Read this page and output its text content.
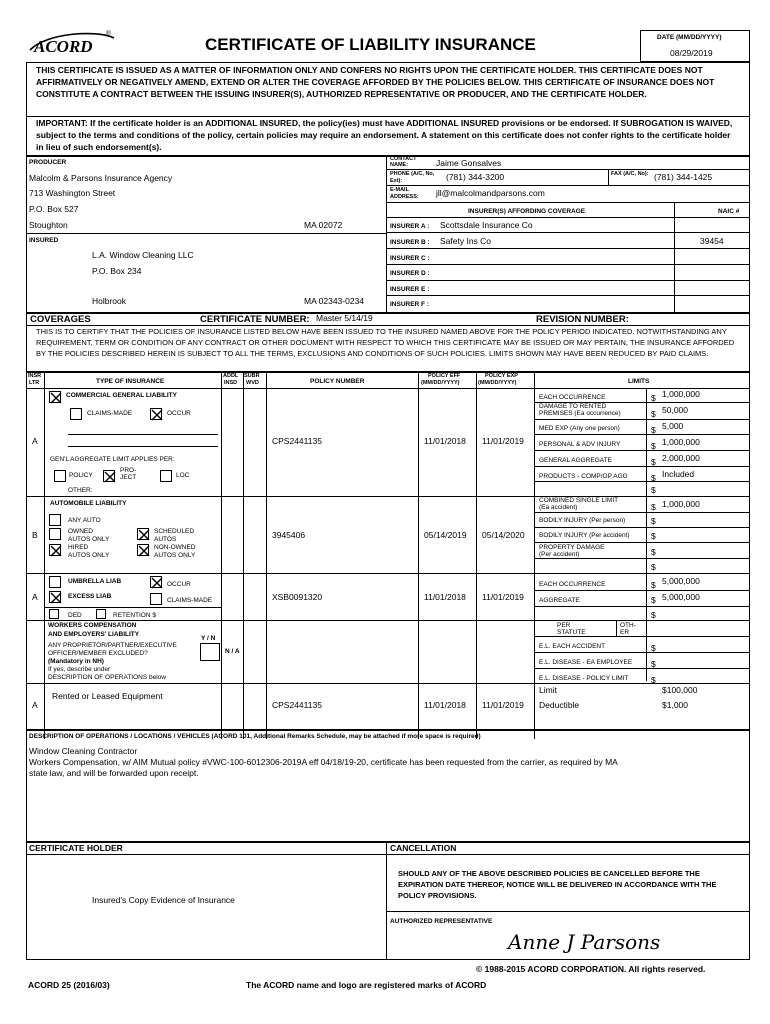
ACORD
®
CERTIFICATE OF LIABILITY INSURANCE	DATE (MM/DD/YYYY)
08/29/2019
THIS CERTIFICATE IS ISSUED AS A MATTER OF INFORMATION ONLY AND CONFERS NO RIGHTS UPON THE CERTIFICATE HOLDER. THIS CERTIFICATE DOES NOT AFFIRMATIVELY OR NEGATIVELY AMEND, EXTEND OR ALTER THE COVERAGE AFFORDED BY THE POLICIES BELOW. THIS CERTIFICATE OF INSURANCE DOES NOT CONSTITUTE A CONTRACT BETWEEN THE ISSUING INSURER(S), AUTHORIZED REPRESENTATIVE OR PRODUCER, AND THE CERTIFICATE HOLDER.
IMPORTANT: If the certificate holder is an ADDITIONAL INSURED, the policy(ies) must have ADDITIONAL INSURED provisions or be endorsed. If SUBROGATION IS WAIVED, subject to the terms and conditions of the policy, certain policies may require an endorsement. A statement on this certificate does not confer rights to the certificate holder in lieu of such endorsement(s).
PRODUCER
Malcolm & Parsons Insurance Agency
713 Washington Street
P.O. Box 527
Stoughton	MA 02072
CONTACT NAME:	Jaime Gonsalves
PHONE (A/C, No, Ext):	(781) 344-3200	FAX (A/C, No): (781) 344-1425
E-MAIL ADDRESS:	jll@malcolmandparsons.com
INSURER(S) AFFORDING COVERAGE	NAIC #
INSURER A : Scottsdale Insurance Co
INSURER B : Safety Ins Co	39454
INSURER C :
INSURER D :
INSURER E :
INSURER F :
INSURED
L.A. Window Cleaning LLC
P.O. Box 234
Holbrook	MA 02343-0234
COVERAGES	CERTIFICATE NUMBER: Master 5/14/19	REVISION NUMBER:
THIS IS TO CERTIFY THAT THE POLICIES OF INSURANCE LISTED BELOW HAVE BEEN ISSUED TO THE INSURED NAMED ABOVE FOR THE POLICY PERIOD INDICATED. NOTWITHSTANDING ANY REQUIREMENT, TERM OR CONDITION OF ANY CONTRACT OR OTHER DOCUMENT WITH RESPECT TO WHICH THIS CERTIFICATE MAY BE ISSUED OR MAY PERTAIN, THE INSURANCE AFFORDED BY THE POLICIES DESCRIBED HEREIN IS SUBJECT TO ALL THE TERMS, EXCLUSIONS AND CONDITIONS OF SUCH POLICIES. LIMITS SHOWN MAY HAVE BEEN REDUCED BY PAID CLAIMS.
INSR
LTR	TYPE OF INSURANCE
ADDL
INSD
SUBR
WVD	POLICY NUMBER
POLICY EFF
(MM/DD/YYYY)
POLICY EXP
(MM/DD/YYYY)	LIMITS
COMMERCIAL GENERAL LIABILITY
CLAIMS-MADE	OCCUR
A	CPS2441135	11/01/2018 11/01/2019
GEN'L AGGREGATE LIMIT APPLIES PER:
POLICY
PRO-
JECT	LOC
OTHER:
EACH OCCURRENCE	$ 1,000,000
DAMAGE TO RENTED
PREMISES (Ea occurrence)	$ 50,000
MED EXP (Any one person)	$ 5,000
PERSONAL & ADV INJURY	$ 1,000,000
GENERAL AGGREGATE	$ 2,000,000
PRODUCTS - COMP/OP AGG	$ Included
$
AUTOMOBILE LIABILITY
ANY AUTO
OWNED
AUTOS ONLY
SCHEDULED
AUTOS
HIRED
AUTOS ONLY
NON-OWNED
AUTOS ONLY
B	3945406	05/14/2019 05/14/2020
COMBINED SINGLE LIMIT
(Ea accident)	$ 1,000,000
BODILY INJURY (Per person)	$
BODILY INJURY (Per accident)	$
PROPERTY DAMAGE
(Per accident)	$
$
UMBRELLA LIAB	OCCUR
EXCESS LIAB
CLAIMS-MADE
DED	RETENTION $
A	XSB0091320	11/01/2018 11/01/2019
EACH OCCURRENCE	$ 5,000,000
AGGREGATE	$ 5,000,000
$
WORKERS COMPENSATION
AND EMPLOYERS' LIABILITY
Y / N
ANY PROPRIETOR/PARTNER/EXECUTIVE
OFFICER/MEMBER EXCLUDED?
(Mandatory in NH)
If yes, describe under
DESCRIPTION OF OPERATIONS below
N / A
PER
STATUTE
OTH-
ER
E.L. EACH ACCIDENT	$
E.L. DISEASE - EA EMPLOYEE $
E.L. DISEASE - POLICY LIMIT	$
Rented or Leased Equipment
A	CPS2441135	11/01/2018 11/01/2019
Limit	$100,000
Deductible	$1,000
DESCRIPTION OF OPERATIONS / LOCATIONS / VEHICLES (ACORD 101, Additional Remarks Schedule, may be attached if more space is required)
Window Cleaning Contractor
Workers Compensation, w/ AIM Mutual policy #VWC-100-6012306-2019A eff 04/18/19-20, certificate has been requested from the carrier, as required by MA
state law, and will be forwarded upon receipt.
CERTIFICATE HOLDER	CANCELLATION
Insured's Copy Evidence of Insurance
SHOULD ANY OF THE ABOVE DESCRIBED POLICIES BE CANCELLED BEFORE THE EXPIRATION DATE THEREOF, NOTICE WILL BE DELIVERED IN ACCORDANCE WITH THE POLICY PROVISIONS.
AUTHORIZED REPRESENTATIVE
Anne J Parsons
© 1988-2015 ACORD CORPORATION. All rights reserved.
ACORD 25 (2016/03)	The ACORD name and logo are registered marks of ACORD
